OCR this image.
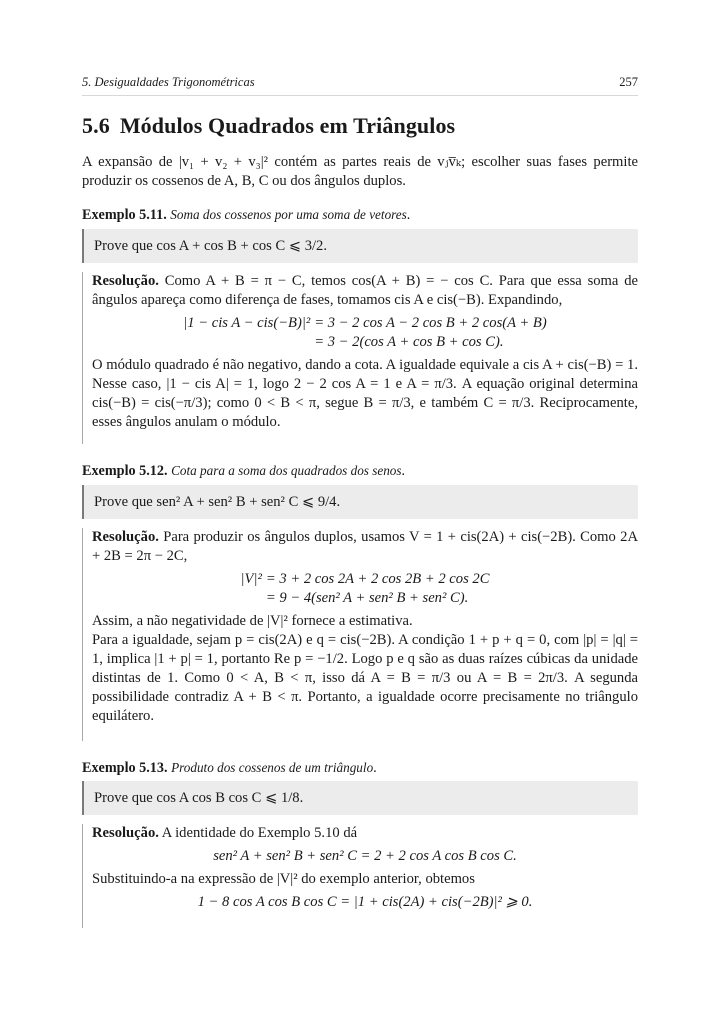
5. Desigualdades Trigonométricas	257
5.6 Módulos Quadrados em Triângulos

A expansão de |v₁ + v₂ + v₃|² contém as partes reais de vⱼv̅ₖ; escolher suas fases permite produzir os cossenos de A, B, C ou dos ângulos duplos.

Exemplo 5.11. Soma dos cossenos por uma soma de vetores.
Prove que cos A + cos B + cos C ⩽ 3/2.

Resolução. Como A + B = π − C, temos cos(A + B) = − cos C. Para que essa soma de ângulos apareça como diferença de fases, tomamos cis A e cis(−B). Expandindo,

|1 − cis A − cis(−B)|² = 3 − 2 cos A − 2 cos B + 2 cos(A + B)
= 3 − 2(cos A + cos B + cos C).

O módulo quadrado é não negativo, dando a cota. A igualdade equivale a cis A + cis(−B) = 1. Nesse caso, |1 − cis A| = 1, logo 2 − 2 cos A = 1 e A = π/3. A equação original determina cis(−B) = cis(−π/3); como 0 < B < π, segue B = π/3, e também C = π/3. Reciprocamente, esses ângulos anulam o módulo.

Exemplo 5.12. Cota para a soma dos quadrados dos senos.
Prove que sen² A + sen² B + sen² C ⩽ 9/4.

Resolução. Para produzir os ângulos duplos, usamos V = 1 + cis(2A) + cis(−2B). Como 2A + 2B = 2π − 2C,

|V|² = 3 + 2 cos 2A + 2 cos 2B + 2 cos 2C
= 9 − 4(sen² A + sen² B + sen² C).

Assim, a não negatividade de |V|² fornece a estimativa.

Para a igualdade, sejam p = cis(2A) e q = cis(−2B). A condição 1 + p + q = 0, com |p| = |q| = 1, implica |1 + p| = 1, portanto Re p = −1/2. Logo p e q são as duas raízes cúbicas da unidade distintas de 1. Como 0 < A, B < π, isso dá A = B = π/3 ou A = B = 2π/3. A segunda possibilidade contradiz A + B < π. Portanto, a igualdade ocorre precisamente no triângulo equilátero.

Exemplo 5.13. Produto dos cossenos de um triângulo.
Prove que cos A cos B cos C ⩽ 1/8.

Resolução. A identidade do Exemplo 5.10 dá

sen² A + sen² B + sen² C = 2 + 2 cos A cos B cos C.

Substituindo-a na expressão de |V|² do exemplo anterior, obtemos

1 − 8 cos A cos B cos C = |1 + cis(2A) + cis(−2B)|² ⩾ 0.
